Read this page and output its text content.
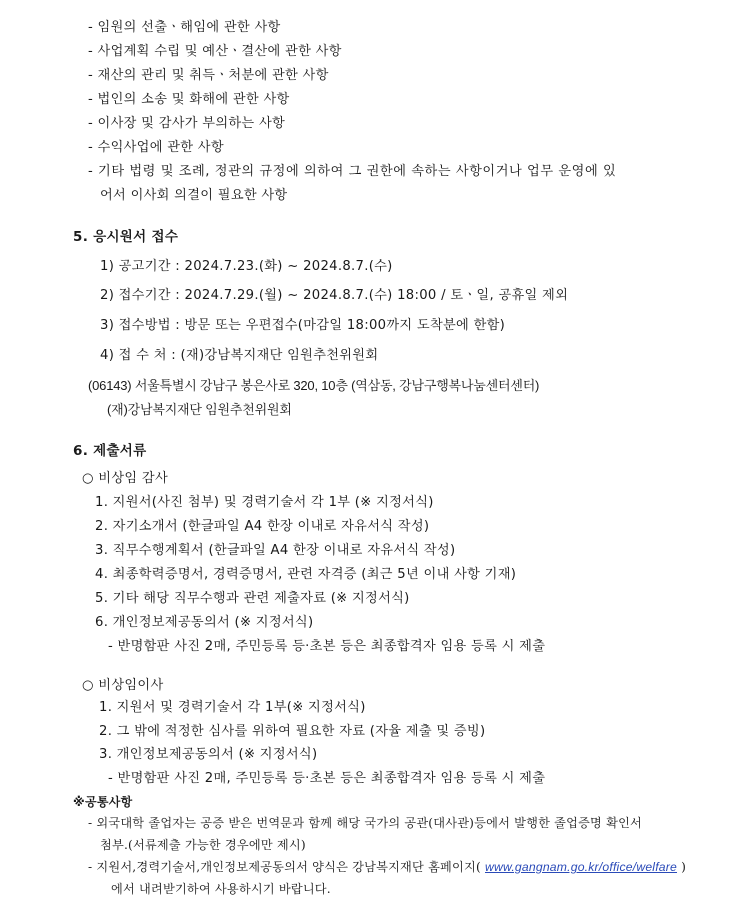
- 임원의 선출ㆍ해임에 관한 사항
- 사업계획 수립 및 예산ㆍ결산에 관한 사항
- 재산의 관리 및 취득ㆍ처분에 관한 사항
- 법인의 소송 및 화해에 관한 사항
- 이사장 및 감사가 부의하는 사항
- 수익사업에 관한 사항
- 기타 법령 및 조례, 정관의 규정에 의하여 그 권한에 속하는 사항이거나 업무 운영에 있
어서 이사회 의결이 필요한 사항
5. 응시원서 접수
1) 공고기간 : 2024.7.23.(화) ~ 2024.8.7.(수)
2) 접수기간 : 2024.7.29.(월) ~ 2024.8.7.(수) 18:00 / 토ㆍ일, 공휴일 제외
3) 접수방법 : 방문 또는 우편접수(마감일 18:00까지 도착분에 한함)
4) 접 수 처 : (재)강남복지재단 임원추천위원회
(06143) 서울특별시 강남구 봉은사로 320, 10층 (역삼동, 강남구행복나눔센터센터)
(재)강남복지재단 임원추천위원회
6. 제출서류
○ 비상임 감사
1. 지원서(사진 첨부) 및 경력기술서 각 1부 (※ 지정서식)
2. 자기소개서 (한글파일 A4 한장 이내로 자유서식 작성)
3. 직무수행계획서 (한글파일 A4 한장 이내로 자유서식 작성)
4. 최종학력증명서, 경력증명서, 관련 자격증 (최근 5년 이내 사항 기재)
5. 기타 해당 직무수행과 관련 제출자료 (※ 지정서식)
6. 개인정보제공동의서 (※ 지정서식)
- 반명함판 사진 2매, 주민등록 등·초본 등은 최종합격자 임용 등록 시 제출
○ 비상임이사
1. 지원서 및 경력기술서 각 1부(※ 지정서식)
2. 그 밖에 적정한 심사를 위하여 필요한 자료 (자율 제출 및 증빙)
3. 개인정보제공동의서 (※ 지정서식)
- 반명함판 사진 2매, 주민등록 등·초본 등은 최종합격자 임용 등록 시 제출
※공통사항
- 외국대학 졸업자는 공증 받은 번역문과 함께 해당 국가의 공관(대사관)등에서 발행한 졸업증명 확인서
첨부.(서류제출 가능한 경우에만 제시)
- 지원서,경력기술서,개인정보제공동의서 양식은 강남복지재단 홈페이지( www.gangnam.go.kr/office/welfare )
에서 내려받기하여 사용하시기 바랍니다.
